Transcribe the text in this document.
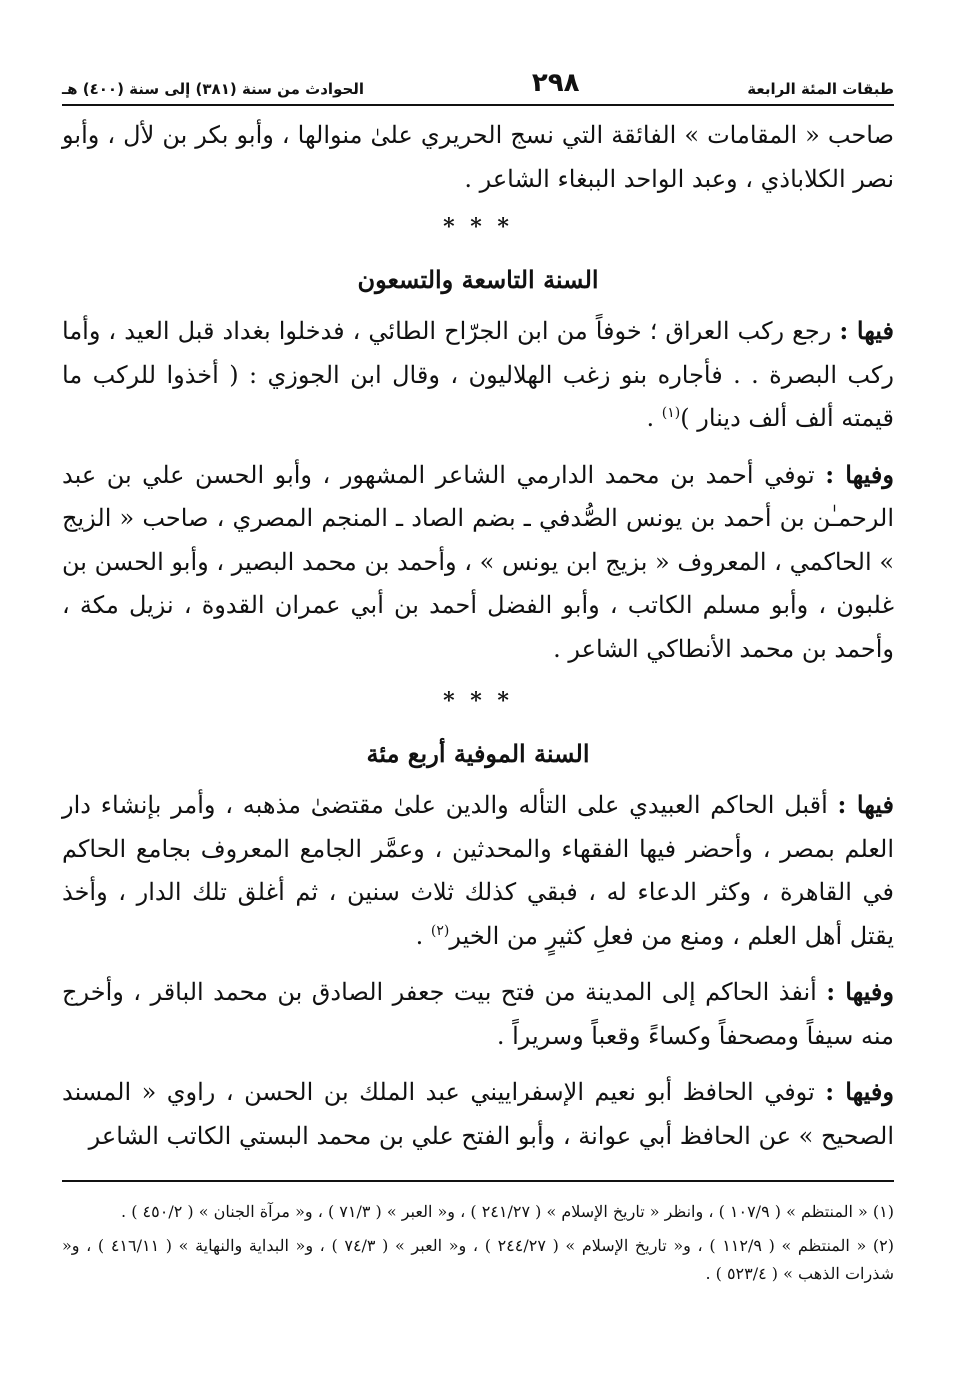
طبقات المئة الرابعة
٢٩٨
الحوادث من سنة (٣٨١) إلى سنة (٤٠٠) هـ

صاحب « المقامات » الفائقة التي نسج الحريري علىٰ منوالها ، وأبو بكر بن لأل ، وأبو نصر الكلاباذي ، وعبد الواحد الببغاء الشاعر .

* * *
السنة التاسعة والتسعون

فيها : رجع ركب العراق ؛ خوفاً من ابن الجرّاح الطائي ، فدخلوا بغداد قبل العيد ، وأما ركب البصرة . . فأجاره بنو زغب الهلاليون ، وقال ابن الجوزي : ( أخذوا للركب ما قيمته ألف ألف دينار )$^{(١)}$ .

وفيها : توفي أحمد بن محمد الدارمي الشاعر المشهور ، وأبو الحسن علي بن عبد الرحمـٰن بن أحمد بن يونس الصُّدفي ـ بضم الصاد ـ المنجم المصري ، صاحب « الزيج » الحاكمي ، المعروف « بزيج ابن يونس » ، وأحمد بن محمد البصير ، وأبو الحسن بن غلبون ، وأبو مسلم الكاتب ، وأبو الفضل أحمد بن أبي عمران القدوة ، نزيل مكة ، وأحمد بن محمد الأنطاكي الشاعر .

* * *
السنة الموفية أربع مئة

فيها : أقبل الحاكم العبيدي على التأله والدين علىٰ مقتضىٰ مذهبه ، وأمر بإنشاء دار العلم بمصر ، وأحضر فيها الفقهاء والمحدثين ، وعمَّر الجامع المعروف بجامع الحاكم في القاهرة ، وكثر الدعاء له ، فبقي كذلك ثلاث سنين ، ثم أغلق تلك الدار ، وأخذ يقتل أهل العلم ، ومنع من فعلِ كثيرٍ من الخير$^{(٢)}$ .

وفيها : أنفذ الحاكم إلى المدينة من فتح بيت جعفر الصادق بن محمد الباقر ، وأخرج منه سيفاً ومصحفاً وكساءً وقعباً وسريراً .

وفيها : توفي الحافظ أبو نعيم الإسفراييني عبد الملك بن الحسن ، راوي « المسند الصحيح » عن الحافظ أبي عوانة ، وأبو الفتح علي بن محمد البستي الكاتب الشاعر

(١) « المنتظم » ( ١٠٧/٩ ) ، وانظر « تاريخ الإسلام » ( ٢٤١/٢٧ ) ، و« العبر » ( ٧١/٣ ) ، و« مرآة الجنان » ( ٤٥٠/٢ ) .

(٢) « المنتظم » ( ١١٢/٩ ) ، و« تاريخ الإسلام » ( ٢٤٤/٢٧ ) ، و« العبر » ( ٧٤/٣ ) ، و« البداية والنهاية » ( ٤١٦/١١ ) ، و« شذرات الذهب » ( ٥٢٣/٤ ) .
